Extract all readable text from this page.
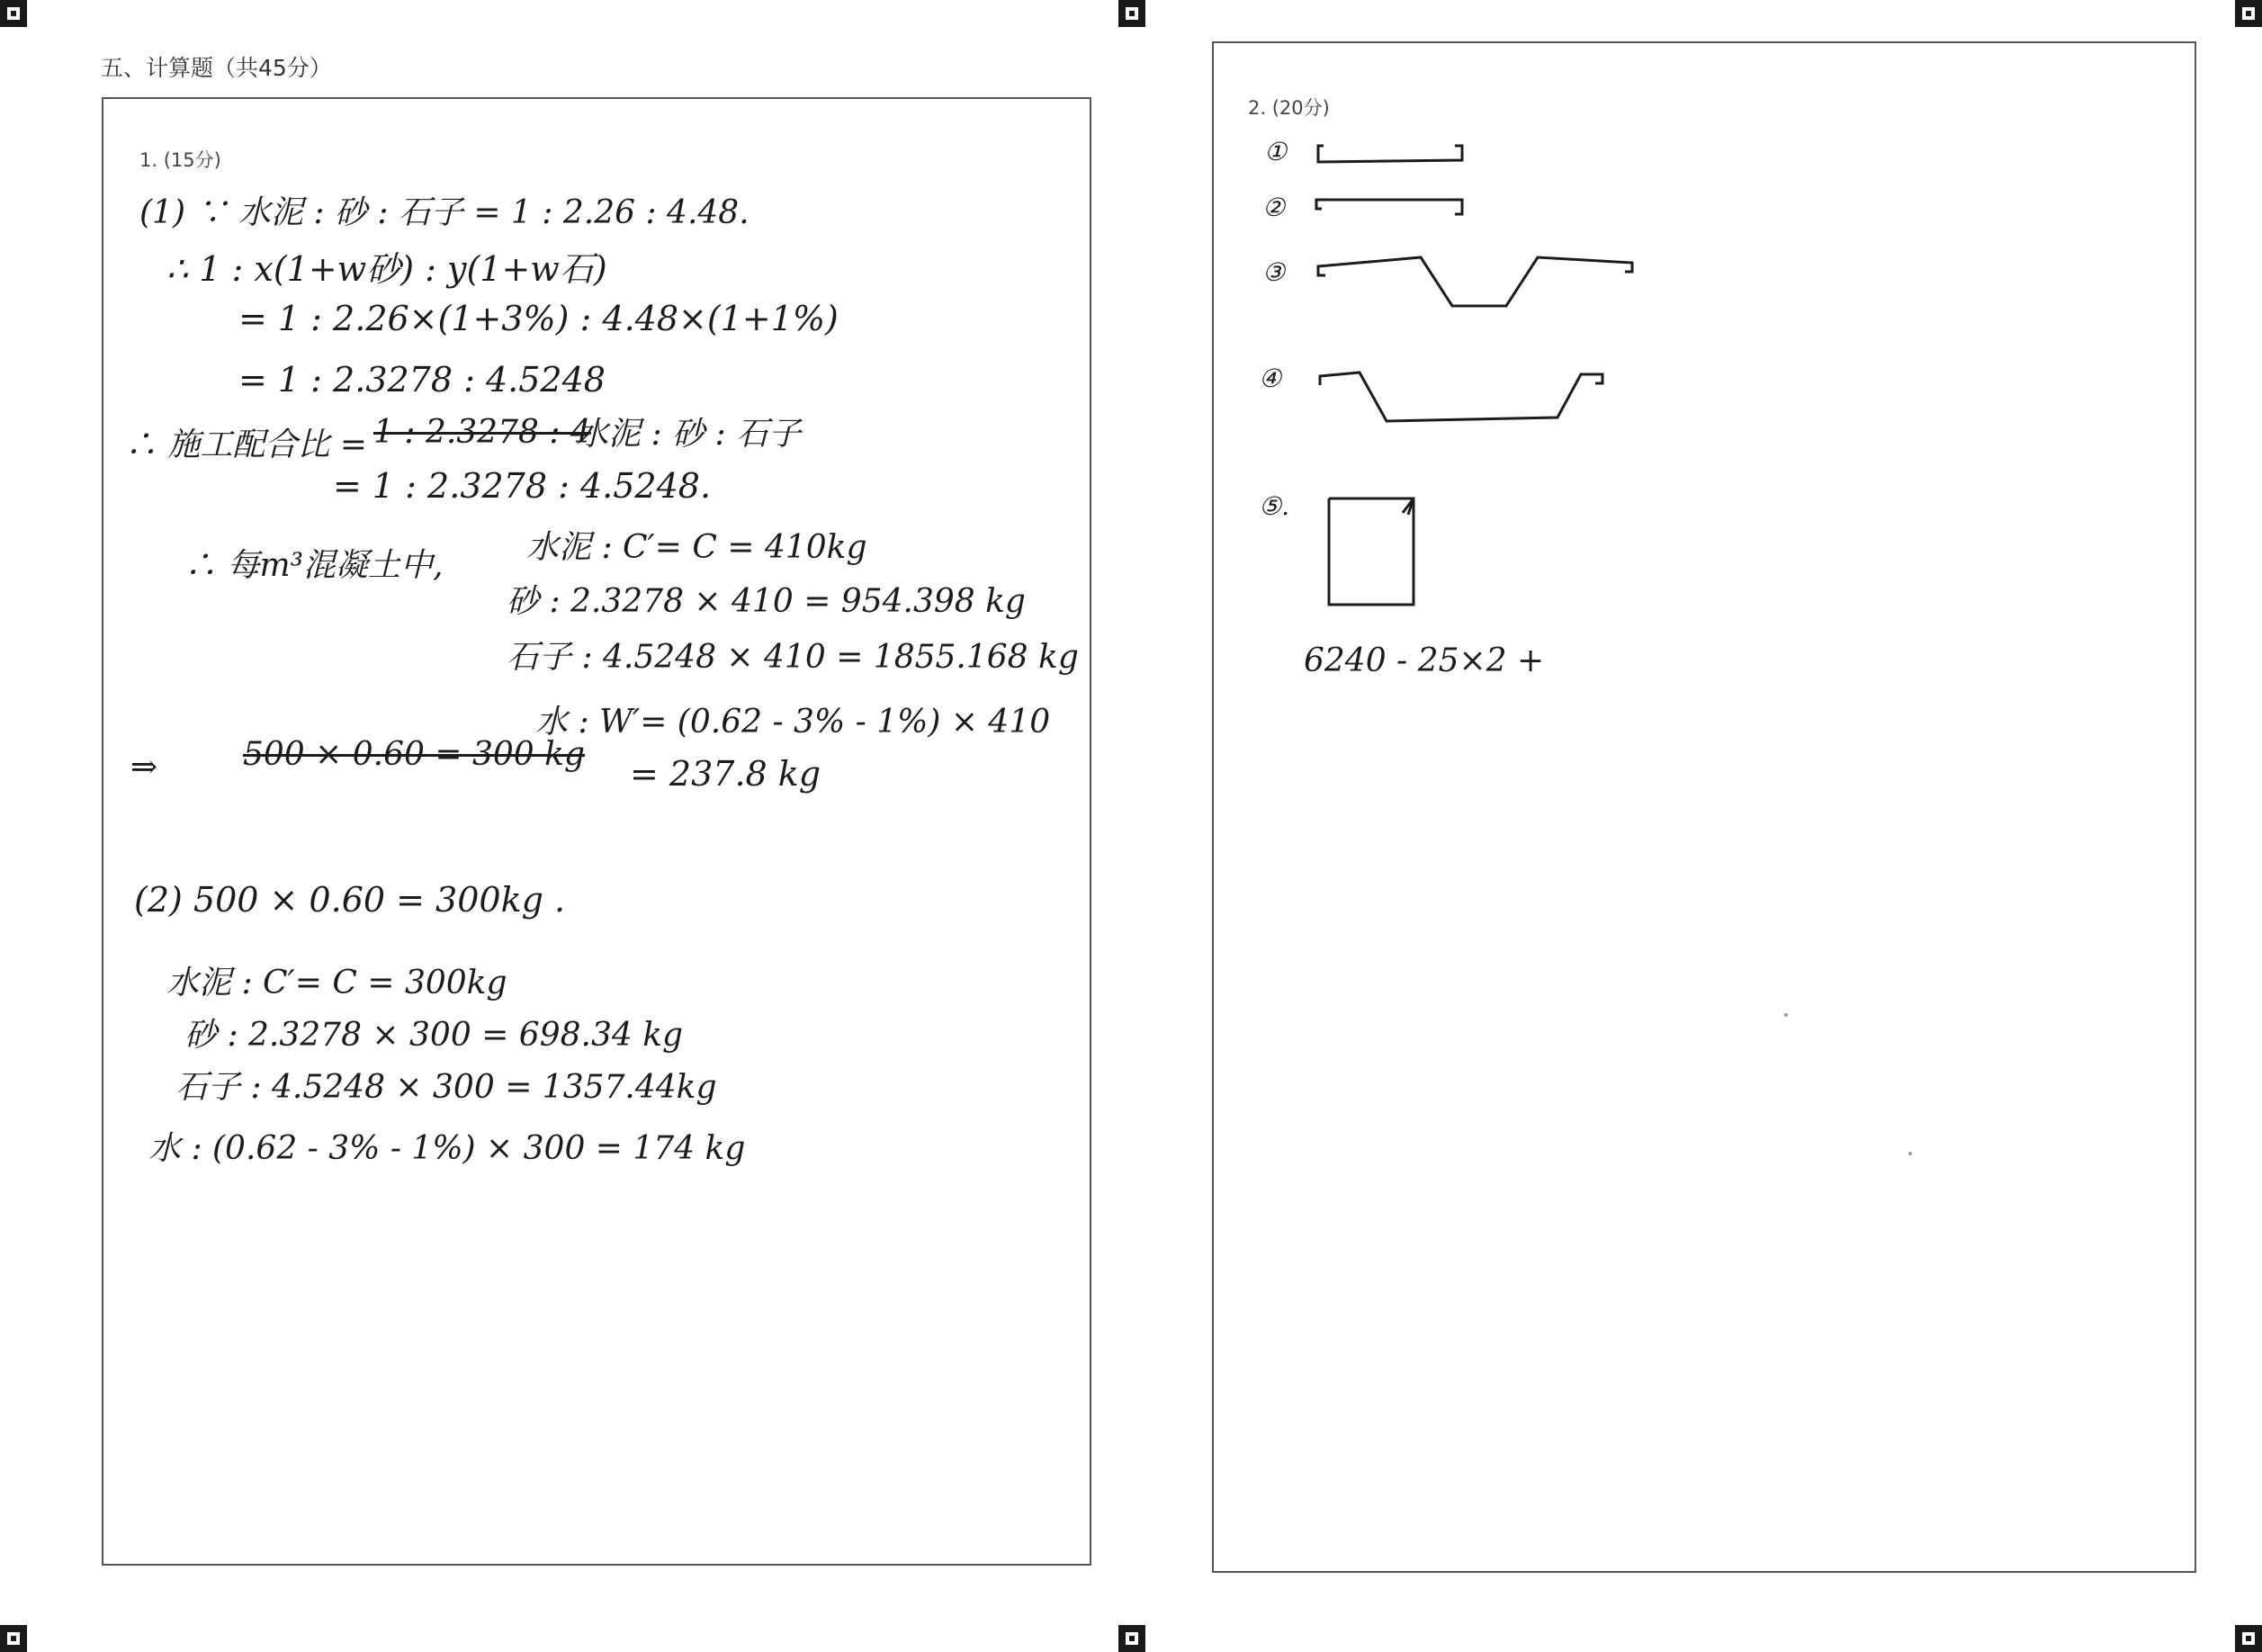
五、计算题（共45分）
1. (15分)
(1) ∵ 水泥 : 砂 : 石子 = 1 : 2.26 : 4.48.
∴ 1 : x(1+w砂) : y(1+w石)
= 1 : 2.26×(1+3%) : 4.48×(1+1%)
= 1 : 2.3278 : 4.5248
∴ 施工配合比 = 1 : 2.3278 : 4
水泥 : 砂 : 石子
= 1 : 2.3278 : 4.5248.
∴ 每m³混凝土中,	水泥 : C′= C = 410kg
砂 : 2.3278 × 410 = 954.398 kg
石子 : 4.5248 × 410 = 1855.168 kg
⇒	500 × 0.60 = 300 kg
水 : W′= (0.62 - 3% - 1%) × 410
= 237.8 kg
(2) 500 × 0.60 = 300kg .
水泥 : C′= C = 300kg
砂 : 2.3278 × 300 = 698.34 kg
石子 : 4.5248 × 300 = 1357.44kg
水 : (0.62 - 3% - 1%) × 300 = 174 kg
2. (20分)
①
②
③
④
⑤.
6240 - 25×2 +
